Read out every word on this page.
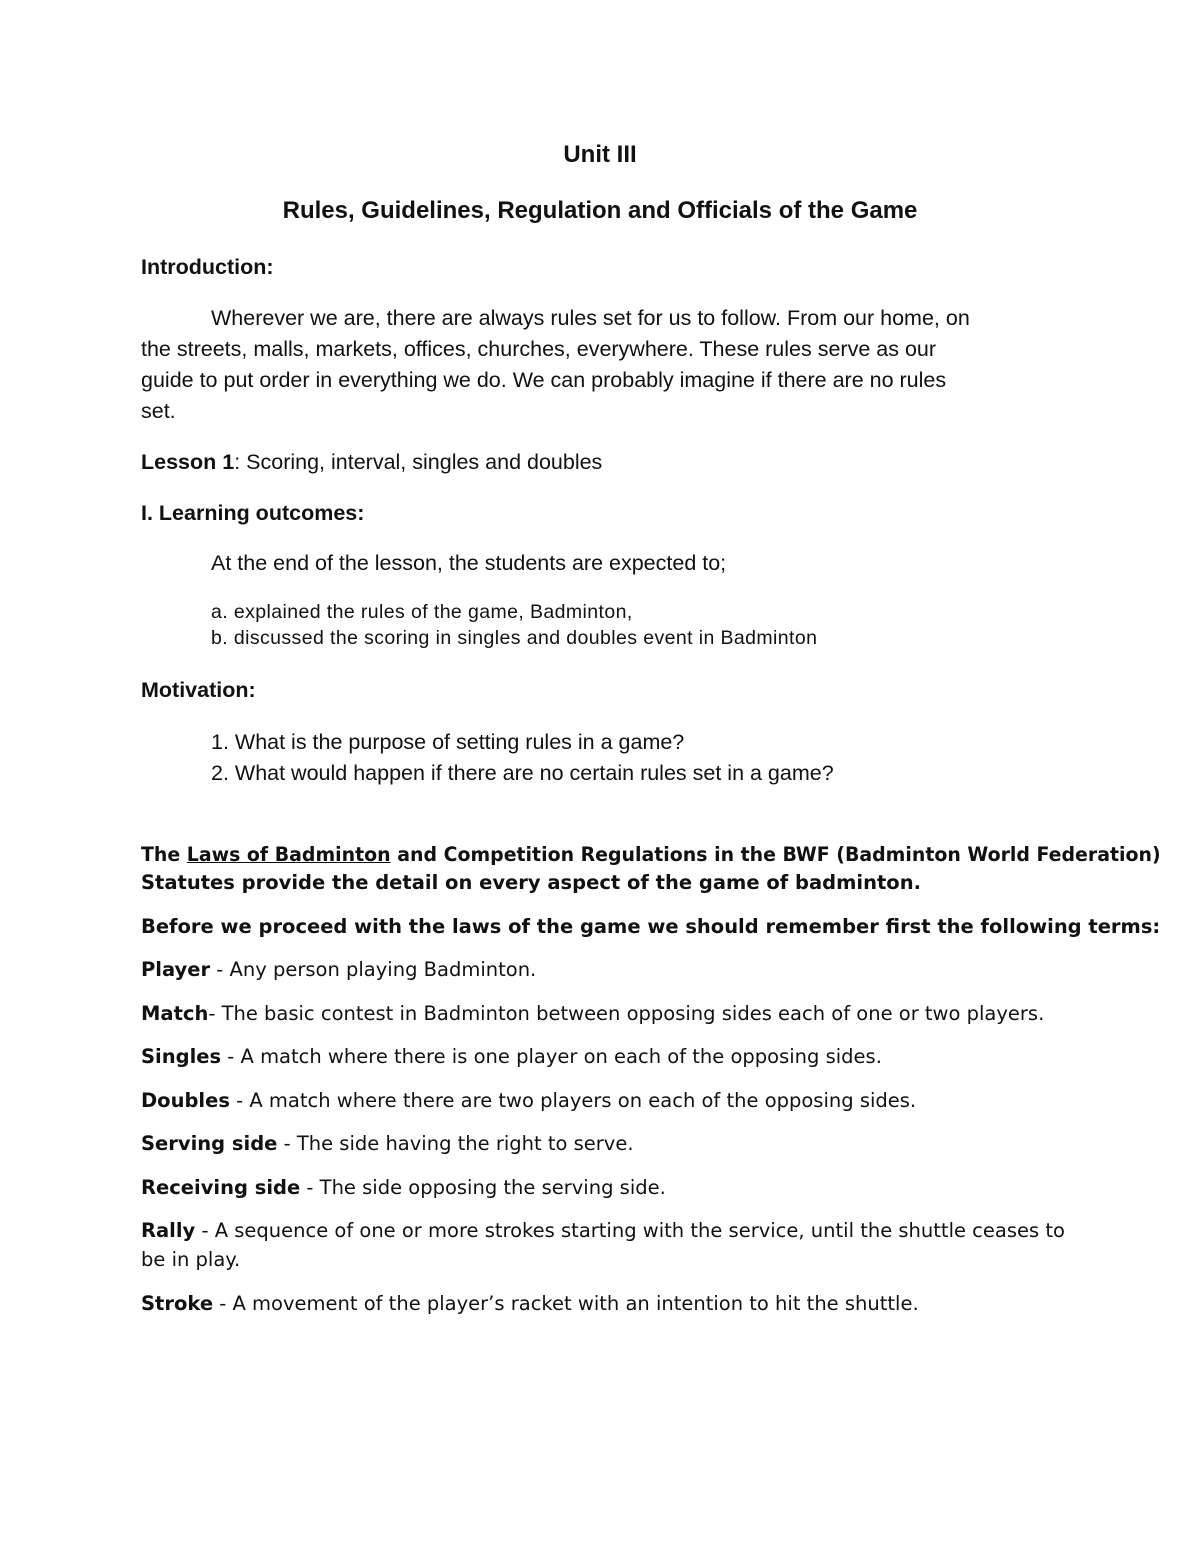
Unit III
Rules, Guidelines, Regulation and Officials of the Game
Introduction:
Wherever we are, there are always rules set for us to follow. From our home, on
the streets, malls, markets, offices, churches, everywhere. These rules serve as our
guide to put order in everything we do. We can probably imagine if there are no rules
set.
Lesson 1: Scoring, interval, singles and doubles
I. Learning outcomes:
At the end of the lesson, the students are expected to;
a. explained the rules of the game, Badminton,
b. discussed the scoring in singles and doubles event in Badminton
Motivation:
1. What is the purpose of setting rules in a game?
2. What would happen if there are no certain rules set in a game?
The Laws of Badminton and Competition Regulations in the BWF (Badminton World Federation)
Statutes provide the detail on every aspect of the game of badminton.
Before we proceed with the laws of the game we should remember first the following terms:
Player - Any person playing Badminton.
Match- The basic contest in Badminton between opposing sides each of one or two players.
Singles - A match where there is one player on each of the opposing sides.
Doubles - A match where there are two players on each of the opposing sides.
Serving side - The side having the right to serve.
Receiving side - The side opposing the serving side.
Rally - A sequence of one or more strokes starting with the service, until the shuttle ceases to
be in play.
Stroke - A movement of the player’s racket with an intention to hit the shuttle.
